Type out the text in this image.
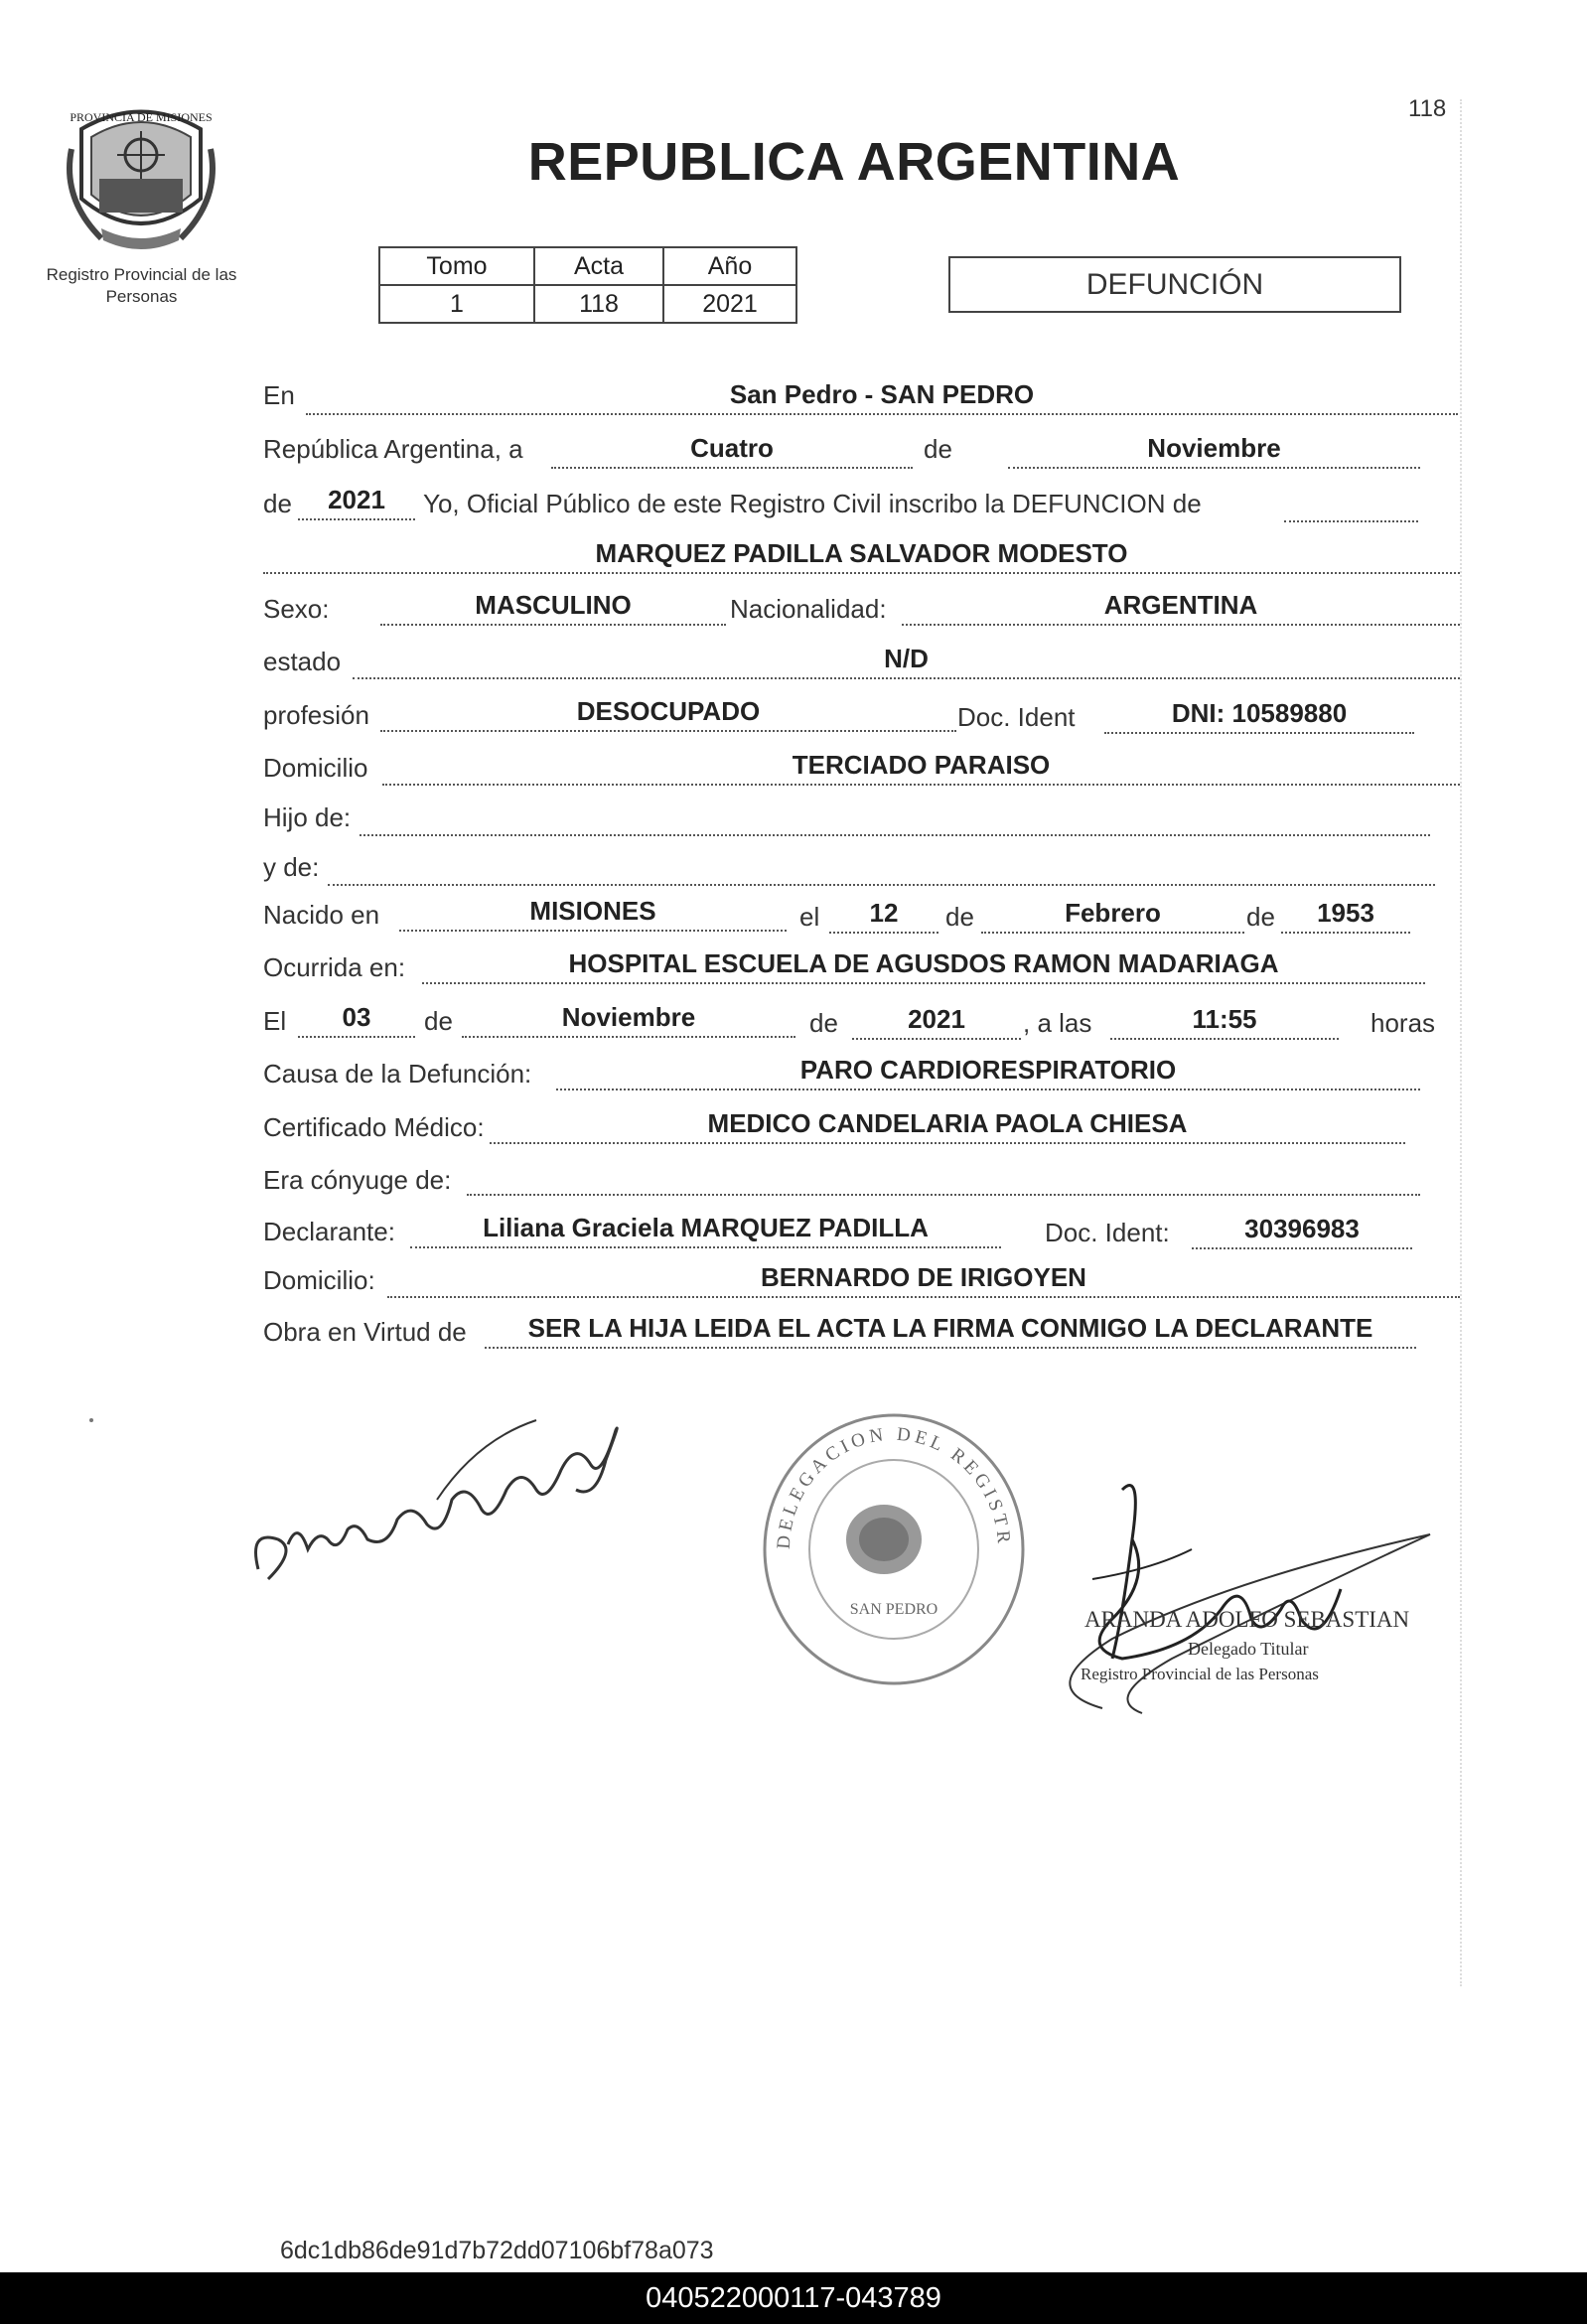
118
PROVINCIA DE MISIONES
Registro Provincial de las Personas
REPUBLICA ARGENTINA
Tomo	Acta	Año
1	118	2021
DEFUNCIÓN
En	San Pedro - SAN PEDRO
República Argentina, a	Cuatro	de	Noviembre
de	2021	Yo, Oficial Público de este Registro Civil inscribo la DEFUNCION de
MARQUEZ PADILLA SALVADOR MODESTO
Sexo:	MASCULINO	Nacionalidad:	ARGENTINA
estado	N/D
profesión	DESOCUPADO	Doc. Ident	DNI: 10589880
Domicilio	TERCIADO PARAISO
Hijo de:
y de:
Nacido en	MISIONES	el	12	de	Febrero	de	1953
Ocurrida en:	HOSPITAL ESCUELA DE AGUSDOS RAMON MADARIAGA
El	03	de	Noviembre	de	2021	, a las	11:55	horas
Causa de la Defunción:	PARO CARDIORESPIRATORIO
Certificado Médico:	MEDICO CANDELARIA PAOLA CHIESA
Era cónyuge de:
Declarante:	Liliana Graciela MARQUEZ PADILLA	Doc. Ident:	30396983
Domicilio:	BERNARDO DE IRIGOYEN
Obra en Virtud de	SER LA HIJA LEIDA EL ACTA LA FIRMA CONMIGO LA DECLARANTE
DELEGACION DEL REGISTR
SAN PEDRO	ARANDA ADOLFO SEBASTIAN
Delegado Titular
Registro Provincial de las Personas
6dc1db86de91d7b72dd07106bf78a073
040522000117-043789
